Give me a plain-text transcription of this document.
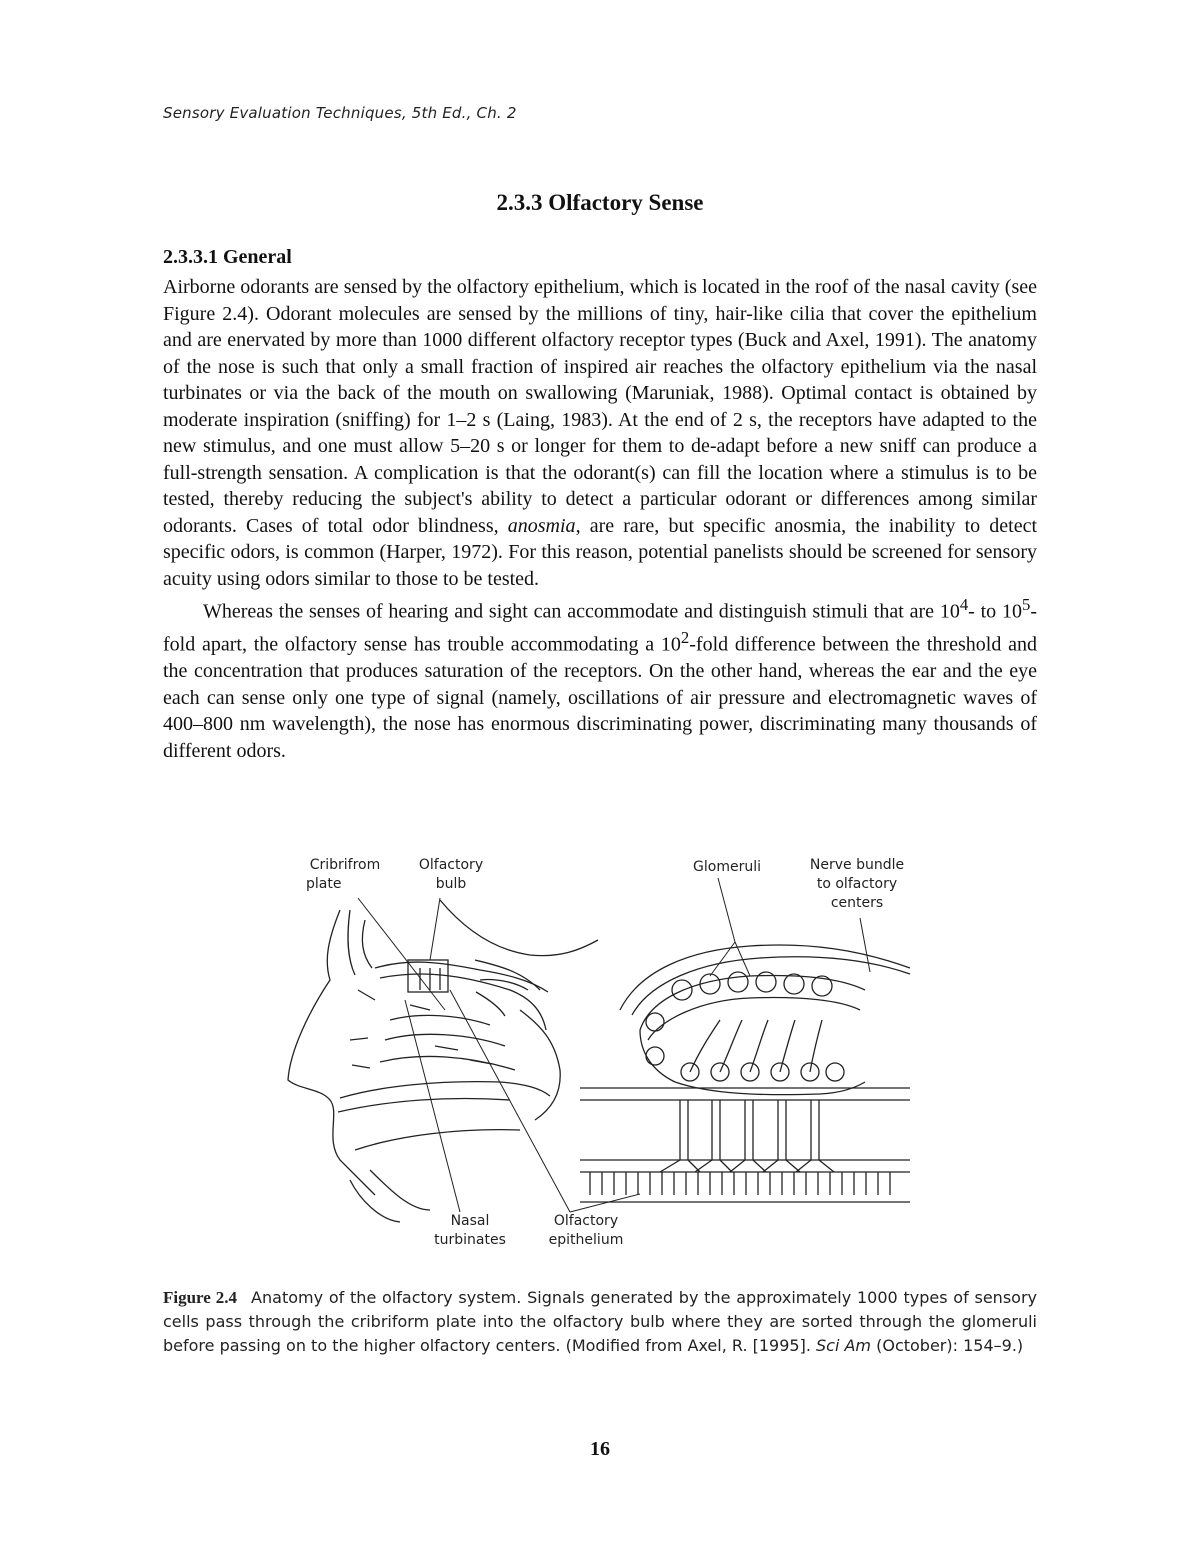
Sensory Evaluation Techniques, 5th Ed., Ch. 2
2.3.3 Olfactory Sense
2.3.3.1 General

Airborne odorants are sensed by the olfactory epithelium, which is located in the roof of the nasal cavity (see Figure 2.4). Odorant molecules are sensed by the millions of tiny, hair-like cilia that cover the epithelium and are enervated by more than 1000 different olfactory receptor types (Buck and Axel, 1991). The anatomy of the nose is such that only a small fraction of inspired air reaches the olfactory epithelium via the nasal turbinates or via the back of the mouth on swallowing (Maruniak, 1988). Optimal contact is obtained by moderate inspiration (sniffing) for 1–2 s (Laing, 1983). At the end of 2 s, the receptors have adapted to the new stimulus, and one must allow 5–20 s or longer for them to de-adapt before a new sniff can produce a full-strength sensation. A complication is that the odorant(s) can fill the location where a stimulus is to be tested, thereby reducing the subject's ability to detect a particular odorant or differences among similar odorants. Cases of total odor blindness, anosmia, are rare, but specific anosmia, the inability to detect specific odors, is common (Harper, 1972). For this reason, potential panelists should be screened for sensory acuity using odors similar to those to be tested.

Whereas the senses of hearing and sight can accommodate and distinguish stimuli that are $10^4-$ to $10^5$-fold apart, the olfactory sense has trouble accommodating a $10^2$-fold difference between the threshold and the concentration that produces saturation of the receptors. On the other hand, whereas the ear and the eye each can sense only one type of signal (namely, oscillations of air pressure and electromagnetic waves of 400–800 nm wavelength), the nose has enormous discriminating power, discriminating many thousands of different odors.

Cribrifrom
plate
Olfactory
bulb
Glomeruli	Nerve bundle
to olfactory
centers
Nasal
turbinates
Olfactory
epithelium
Figure 2.4 Anatomy of the olfactory system. Signals generated by the approximately 1000 types of sensory cells pass through the cribriform plate into the olfactory bulb where they are sorted through the glomeruli before passing on to the higher olfactory centers. (Modified from Axel, R. [1995]. Sci Am (October): 154–9.)
16
